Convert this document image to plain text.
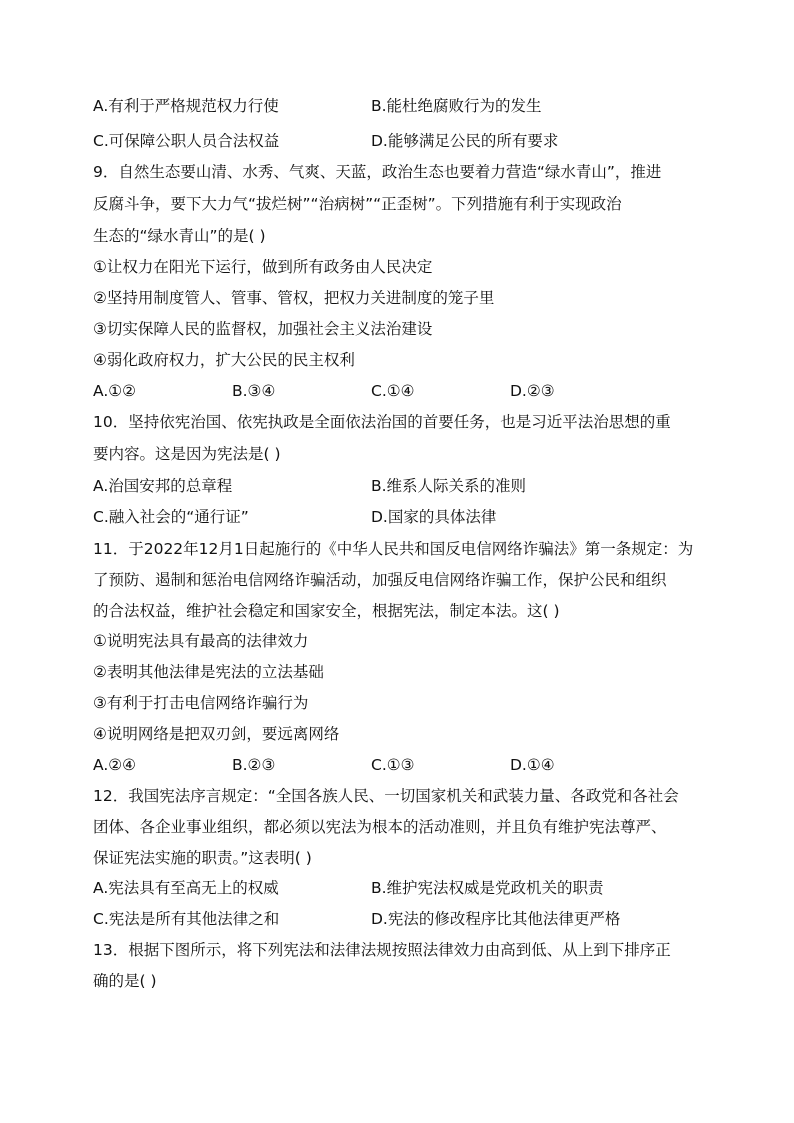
A.有利于严格规范权力行使	B.能杜绝腐败行为的发生
C.可保障公职人员合法权益	D.能够满足公民的所有要求
9．自然生态要山清、水秀、气爽、天蓝，政治生态也要着力营造“绿水青山”，推进
反腐斗争，要下大力气“拔烂树”“治病树”“正歪树”。下列措施有利于实现政治
生态的“绿水青山”的是( )
①让权力在阳光下运行，做到所有政务由人民决定
②坚持用制度管人、管事、管权，把权力关进制度的笼子里
③切实保障人民的监督权，加强社会主义法治建设
④弱化政府权力，扩大公民的民主权利
A.①②	B.③④	C.①④	D.②③
10．坚持依宪治国、依宪执政是全面依法治国的首要任务，也是习近平法治思想的重
要内容。这是因为宪法是( )
A.治国安邦的总章程	B.维系人际关系的准则
C.融入社会的“通行证”	D.国家的具体法律
11．于2022年12月1日起施行的《中华人民共和国反电信网络诈骗法》第一条规定：为
了预防、遏制和惩治电信网络诈骗活动，加强反电信网络诈骗工作，保护公民和组织
的合法权益，维护社会稳定和国家安全，根据宪法，制定本法。这( )
①说明宪法具有最高的法律效力
②表明其他法律是宪法的立法基础
③有利于打击电信网络诈骗行为
④说明网络是把双刃剑，要远离网络
A.②④	B.②③	C.①③	D.①④
12．我国宪法序言规定：“全国各族人民、一切国家机关和武装力量、各政党和各社会
团体、各企业事业组织，都必须以宪法为根本的活动准则，并且负有维护宪法尊严、
保证宪法实施的职责。”这表明( )
A.宪法具有至高无上的权威	B.维护宪法权威是党政机关的职责
C.宪法是所有其他法律之和	D.宪法的修改程序比其他法律更严格
13．根据下图所示，将下列宪法和法律法规按照法律效力由高到低、从上到下排序正
确的是( )
